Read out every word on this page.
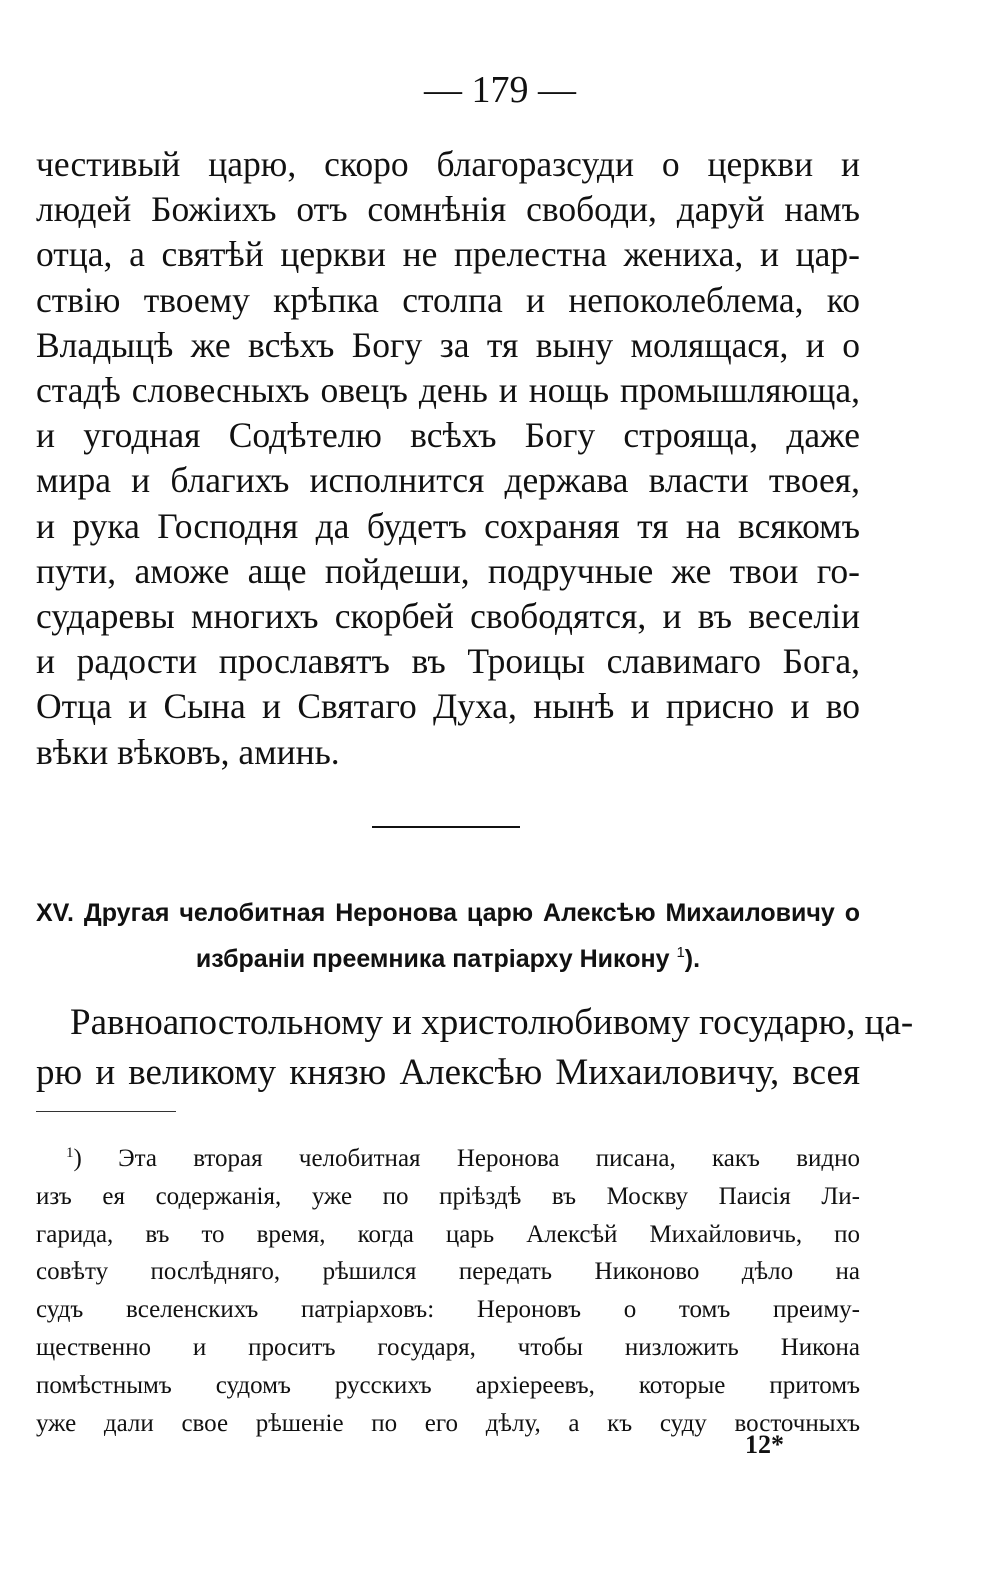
— 179 —
честивый царю, скоро благоразсуди о церкви и
людей Божіихъ отъ сомнѣнія свободи, даруй намъ
отца, а святѣй церкви не прелестна жениха, и цар-
ствію твоему крѣпка столпа и непоколеблема, ко
Владыцѣ же всѣхъ Богу за тя выну молящася, и о
стадѣ словесныхъ овецъ день и нощь промышляюща,
и угодная Содѣтелю всѣхъ Богу строяща, даже
мира и благихъ исполнится держава власти твоея,
и рука Господня да будетъ сохраняя тя на всякомъ
пути, аможе аще пойдеши, подручные же твои го-
сударевы многихъ скорбей свободятся, и въ веселіи
и радости прославятъ въ Троицы славимаго Бога,
Отца и Сына и Святаго Духа, нынѣ и присно и во
вѣки вѣковъ, аминь.
XV. Другая челобитная Неронова царю Алексѣю Михаиловичу о
избраніи преемника патріарху Никону $^1$).
Равноапостольному и христолюбивому государю, ца-
рю и великому князю Алексѣю Михаиловичу, всея
$^1$) Эта вторая челобитная Неронова писана, какъ видно
изъ ея содержанія, уже по пріѣздѣ въ Москву Паисія Ли-
гарида, въ то время, когда царь Алексѣй Михайловичь, по
совѣту послѣдняго, рѣшился передать Никоново дѣло на
судъ вселенскихъ патріарховъ: Нероновъ о томъ преиму-
щественно и проситъ государя, чтобы низложить Никона
помѣстнымъ судомъ русскихъ архіереевъ, которые притомъ
уже дали свое рѣшеніе по его дѣлу, а къ суду восточныхъ
12*
